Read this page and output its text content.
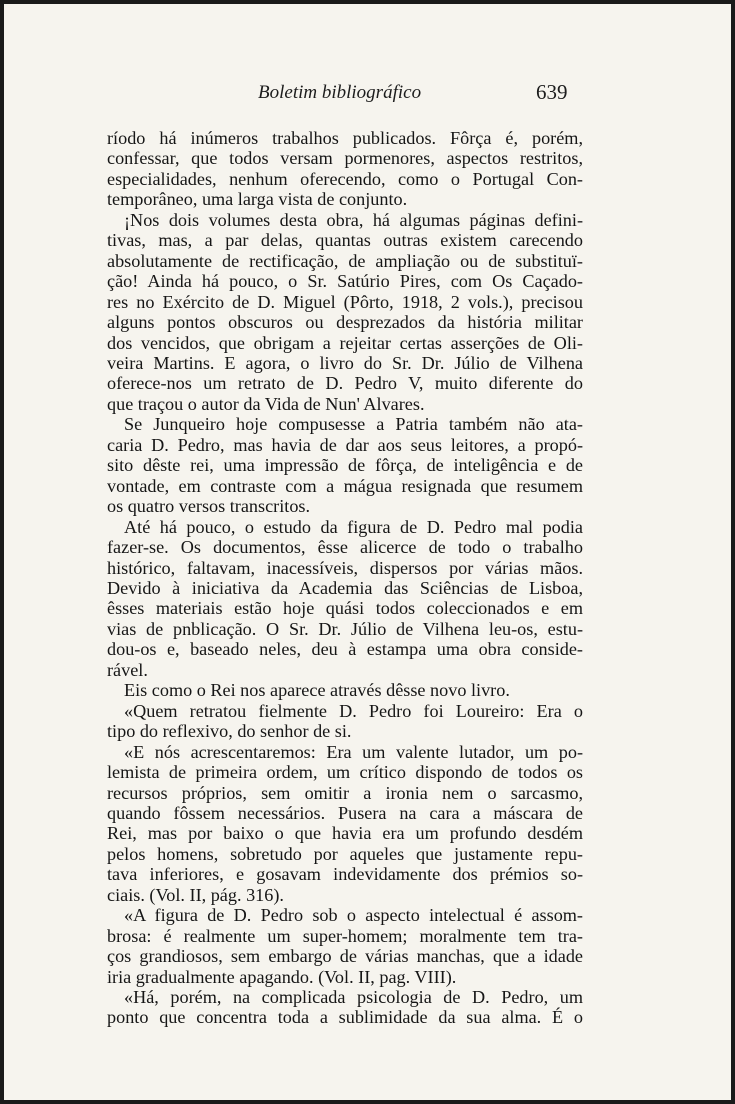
Boletim bibliográfico	639

ríodo há inúmeros trabalhos publicados. Fôrça é, porém,

confessar, que todos versam pormenores, aspectos restritos,

especialidades, nenhum oferecendo, como o Portugal Con-

temporâneo, uma larga vista de conjunto.

¡Nos dois volumes desta obra, há algumas páginas defini-

tivas, mas, a par delas, quantas outras existem carecendo

absolutamente de rectificação, de ampliação ou de substituï-

ção! Ainda há pouco, o Sr. Satúrio Pires, com Os Caçado-

res no Exército de D. Miguel (Pôrto, 1918, 2 vols.), precisou

alguns pontos obscuros ou desprezados da história militar

dos vencidos, que obrigam a rejeitar certas asserções de Oli-

veira Martins. E agora, o livro do Sr. Dr. Júlio de Vilhena

oferece-nos um retrato de D. Pedro V, muito diferente do

que traçou o autor da Vida de Nun' Alvares.

Se Junqueiro hoje compusesse a Patria também não ata-

caria D. Pedro, mas havia de dar aos seus leitores, a propó-

sito dêste rei, uma impressão de fôrça, de inteligência e de

vontade, em contraste com a mágua resignada que resumem

os quatro versos transcritos.

Até há pouco, o estudo da figura de D. Pedro mal podia

fazer-se. Os documentos, êsse alicerce de todo o trabalho

histórico, faltavam, inacessíveis, dispersos por várias mãos.

Devido à iniciativa da Academia das Sciências de Lisboa,

êsses materiais estão hoje quási todos coleccionados e em

vias de pnblicação. O Sr. Dr. Júlio de Vilhena leu-os, estu-

dou-os e, baseado neles, deu à estampa uma obra conside-

rável.

Eis como o Rei nos aparece através dêsse novo livro.

«Quem retratou fielmente D. Pedro foi Loureiro: Era o

tipo do reflexivo, do senhor de si.

«E nós acrescentaremos: Era um valente lutador, um po-

lemista de primeira ordem, um crítico dispondo de todos os

recursos próprios, sem omitir a ironia nem o sarcasmo,

quando fôssem necessários. Pusera na cara a máscara de

Rei, mas por baixo o que havia era um profundo desdém

pelos homens, sobretudo por aqueles que justamente repu-

tava inferiores, e gosavam indevidamente dos prémios so-

ciais. (Vol. II, pág. 316).

«A figura de D. Pedro sob o aspecto intelectual é assom-

brosa: é realmente um super-homem; moralmente tem tra-

ços grandiosos, sem embargo de várias manchas, que a idade

iria gradualmente apagando. (Vol. II, pag. VIII).

«Há, porém, na complicada psicologia de D. Pedro, um

ponto que concentra toda a sublimidade da sua alma. É o
